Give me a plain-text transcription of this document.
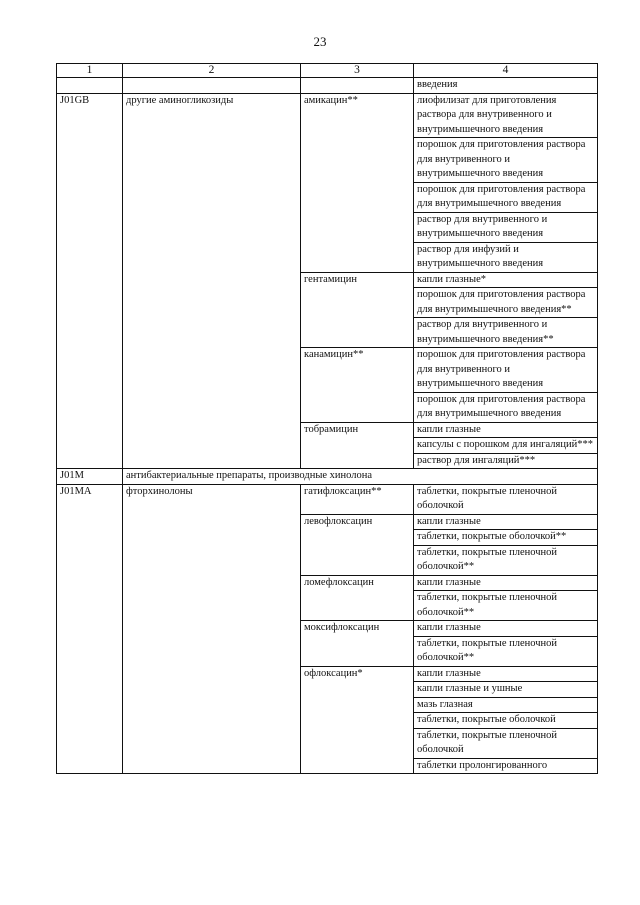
23
1	2	3	4
			введения
J01GB	другие аминогликозиды	амикацин**	лиофилизат для приготовления раствора для внутривенного и внутримышечного введения
			порошок для приготовления раствора для внутривенного и внутримышечного введения
			порошок для приготовления раствора для внутримышечного введения
			раствор для внутривенного и внутримышечного введения
			раствор для инфузий и внутримышечного введения
		гентамицин	капли глазные*
			порошок для приготовления раствора для внутримышечного введения**
			раствор для внутривенного и внутримышечного введения**
		канамицин**	порошок для приготовления раствора для внутривенного и внутримышечного введения
			порошок для приготовления раствора для внутримышечного введения
		тобрамицин	капли глазные
			капсулы с порошком для ингаляций***
			раствор для ингаляций***
J01M	антибактериальные препараты, производные хинолона		
J01MA	фторхинолоны	гатифлоксацин**	таблетки, покрытые пленочной оболочкой
		левофлоксацин	капли глазные
			таблетки, покрытые оболочкой**
			таблетки, покрытые пленочной оболочкой**
		ломефлоксацин	капли глазные
			таблетки, покрытые пленочной оболочкой**
		моксифлоксацин	капли глазные
			таблетки, покрытые пленочной оболочкой**
		офлоксацин*	капли глазные
			капли глазные и ушные
			мазь глазная
			таблетки, покрытые оболочкой
			таблетки, покрытые пленочной оболочкой
			таблетки пролонгированного
